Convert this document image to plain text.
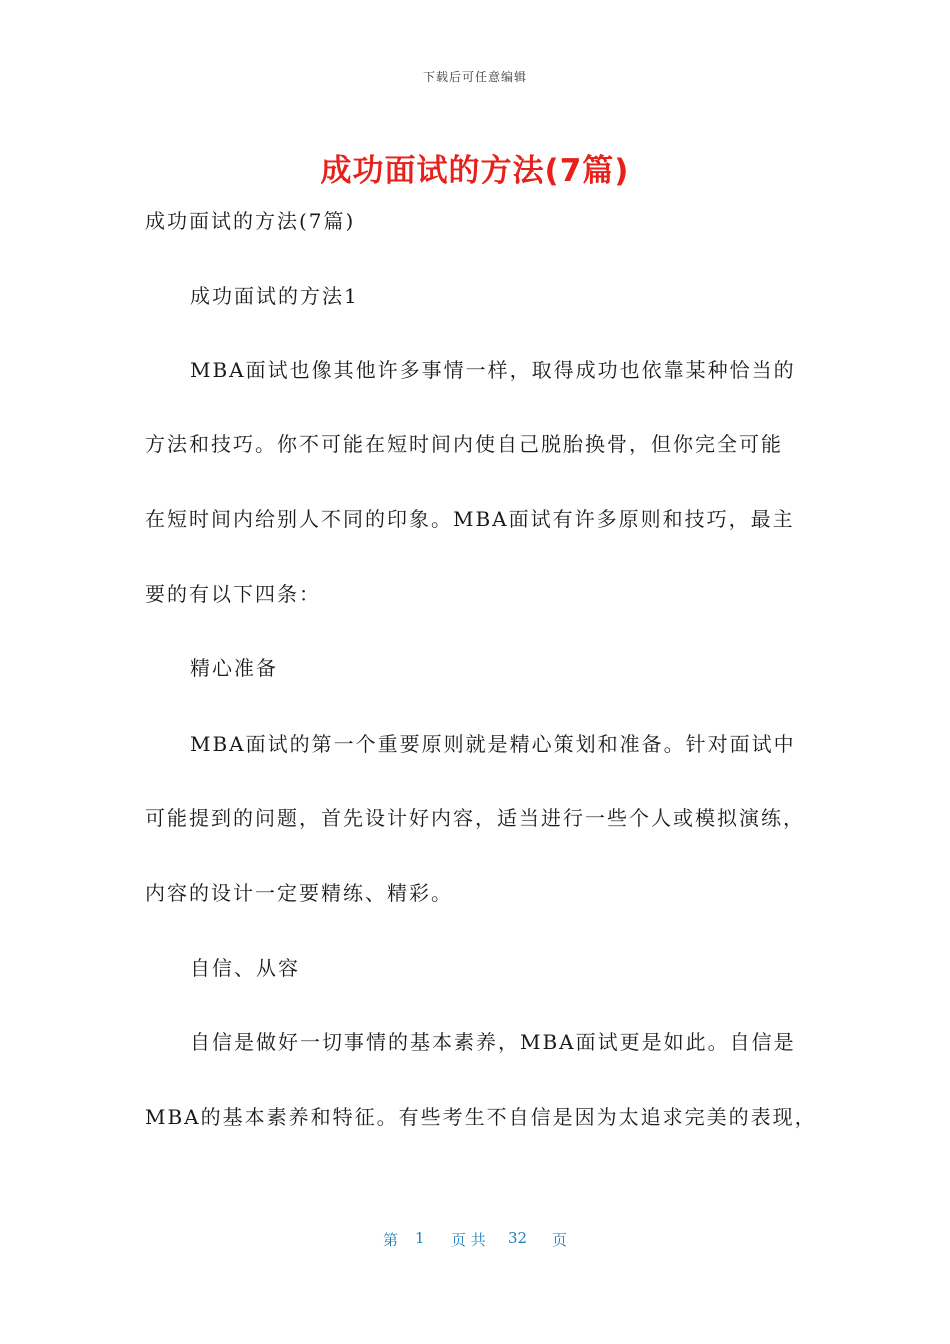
下载后可任意编辑
成功面试的方法(7篇)
成功面试的方法(7篇)
成功面试的方法1
MBA面试也像其他许多事情一样，取得成功也依靠某种恰当的
方法和技巧。你不可能在短时间内使自己脱胎换骨，但你完全可能
在短时间内给别人不同的印象。MBA面试有许多原则和技巧，最主
要的有以下四条：
精心准备
MBA面试的第一个重要原则就是精心策划和准备。针对面试中
可能提到的问题，首先设计好内容，适当进行一些个人或模拟演练，
内容的设计一定要精练、精彩。
自信、从容
自信是做好一切事情的基本素养，MBA面试更是如此。自信是
MBA的基本素养和特征。有些考生不自信是因为太追求完美的表现，
第 1 页 共 32 页
